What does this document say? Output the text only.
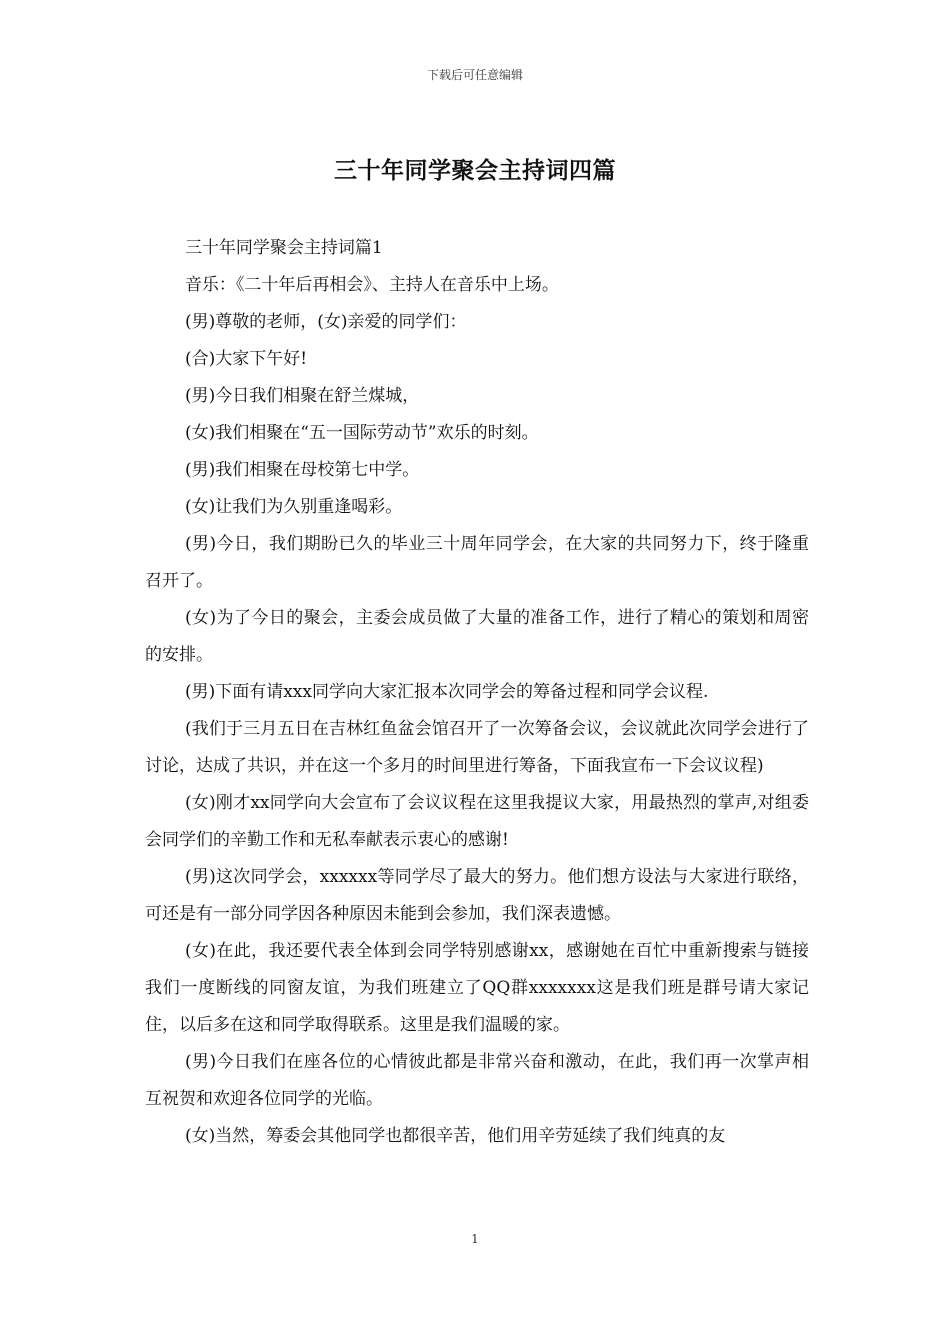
下载后可任意编辑
三十年同学聚会主持词四篇

三十年同学聚会主持词篇1

音乐：《二十年后再相会》、主持人在音乐中上场。

(男)尊敬的老师，(女)亲爱的同学们：

(合)大家下午好!

(男)今日我们相聚在舒兰煤城，

(女)我们相聚在“五一国际劳动节”欢乐的时刻。

(男)我们相聚在母校第七中学。

(女)让我们为久别重逢喝彩。

(男)今日，我们期盼已久的毕业三十周年同学会，在大家的共同努力下，终于隆重召开了。

(女)为了今日的聚会，主委会成员做了大量的准备工作，进行了精心的策划和周密的安排。

(男)下面有请xxx同学向大家汇报本次同学会的筹备过程和同学会议程.

(我们于三月五日在吉林红鱼盆会馆召开了一次筹备会议，会议就此次同学会进行了讨论，达成了共识，并在这一个多月的时间里进行筹备，下面我宣布一下会议议程)

(女)刚才xx同学向大会宣布了会议议程在这里我提议大家，用最热烈的掌声,对组委会同学们的辛勤工作和无私奉献表示衷心的感谢!

(男)这次同学会，xxxxxx等同学尽了最大的努力。他们想方设法与大家进行联络，可还是有一部分同学因各种原因未能到会参加，我们深表遗憾。

(女)在此，我还要代表全体到会同学特别感谢xx，感谢她在百忙中重新搜索与链接我们一度断线的同窗友谊，为我们班建立了QQ群xxxxxxx这是我们班是群号请大家记住，以后多在这和同学取得联系。这里是我们温暖的家。

(男)今日我们在座各位的心情彼此都是非常兴奋和激动，在此，我们再一次掌声相互祝贺和欢迎各位同学的光临。

(女)当然，筹委会其他同学也都很辛苦，他们用辛劳延续了我们纯真的友

1
